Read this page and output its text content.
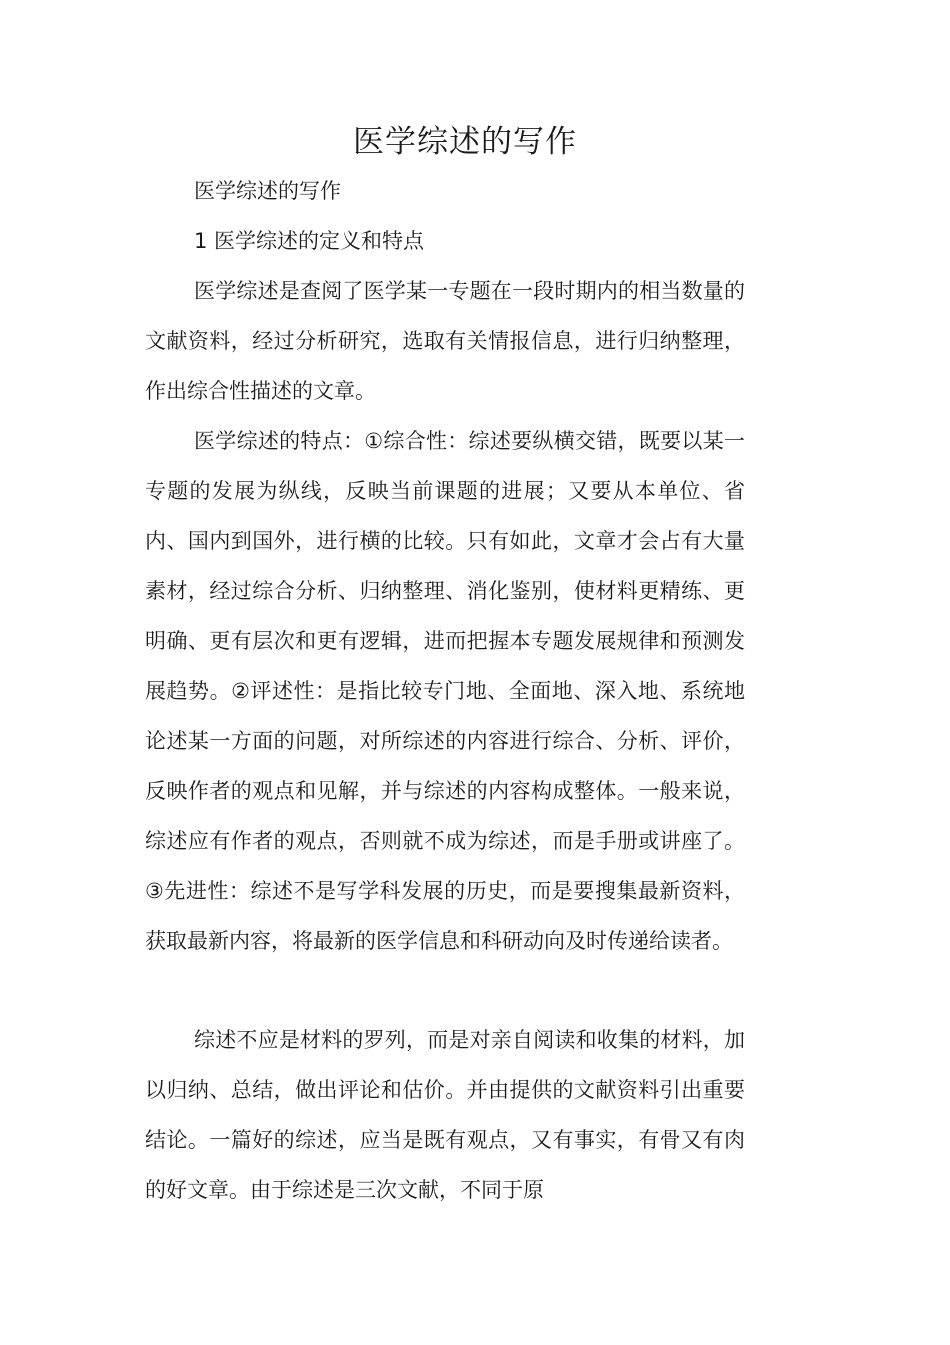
医学综述的写作
医学综述的写作
1 医学综述的定义和特点

医学综述是查阅了医学某一专题在一段时期内的相当数量的文献资料，经过分析研究，选取有关情报信息，进行归纳整理，作出综合性描述的文章。

医学综述的特点：①综合性：综述要纵横交错，既要以某一专题的发展为纵线，反映当前课题的进展；又要从本单位、省内、国内到国外，进行横的比较。只有如此，文章才会占有大量素材，经过综合分析、归纳整理、消化鉴别，使材料更精练、更明确、更有层次和更有逻辑，进而把握本专题发展规律和预测发展趋势。②评述性：是指比较专门地、全面地、深入地、系统地论述某一方面的问题，对所综述的内容进行综合、分析、评价，反映作者的观点和见解，并与综述的内容构成整体。一般来说，综述应有作者的观点，否则就不成为综述，而是手册或讲座了。③先进性：综述不是写学科发展的历史，而是要搜集最新资料，获取最新内容，将最新的医学信息和科研动向及时传递给读者。

综述不应是材料的罗列，而是对亲自阅读和收集的材料，加以归纳、总结，做出评论和估价。并由提供的文献资料引出重要结论。一篇好的综述，应当是既有观点，又有事实，有骨又有肉的好文章。由于综述是三次文献，不同于原
